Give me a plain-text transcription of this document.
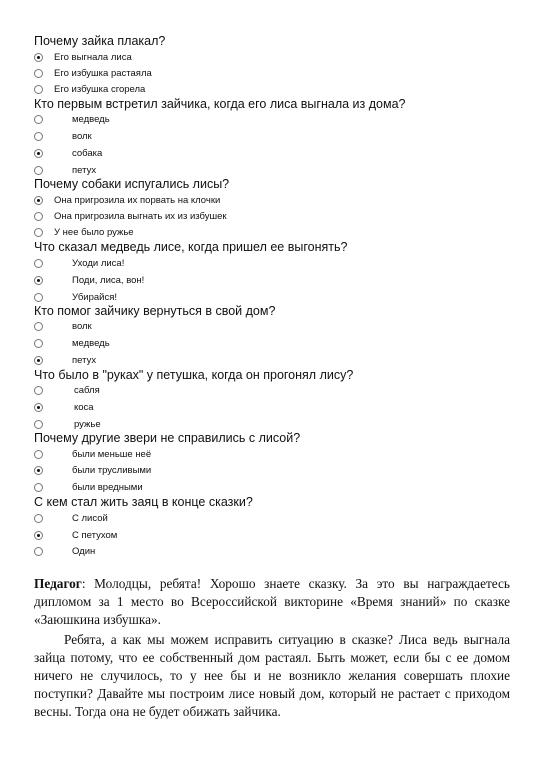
Почему зайка плакал?
Его выгнала лиса
Его избушка растаяла
Его избушка сгорела
Кто первым встретил зайчика, когда его лиса выгнала из дома?
медведь
волк
собака
петух
Почему собаки испугались лисы?
Она пригрозила их порвать на клочки
Она пригрозила выгнать их из избушек
У нее было ружье
Что сказал медведь лисе, когда пришел ее выгонять?
Уходи лиса!
Поди, лиса, вон!
Убирайся!
Кто помог зайчику вернуться в свой дом?
волк
медведь
петух
Что было в "руках" у петушка, когда он прогонял лису?
сабля
коса
ружье
Почему другие звери не справились с лисой?
были меньше неё
были трусливыми
были вредными
С кем стал жить заяц в конце сказки?
С лисой
С петухом
Один
Педагог: Молодцы, ребята! Хорошо знаете сказку. За это вы награждаетесь дипломом за 1 место во Всероссийской викторине «Время знаний» по сказке «Заюшкина избушка».
Ребята, а как мы можем исправить ситуацию в сказке? Лиса ведь выгнала зайца потому, что ее собственный дом растаял. Быть может, если бы с ее домом ничего не случилось, то у нее бы и не возникло желания совершать плохие поступки? Давайте мы построим лисе новый дом, который не растает с приходом весны. Тогда она не будет обижать зайчика.
